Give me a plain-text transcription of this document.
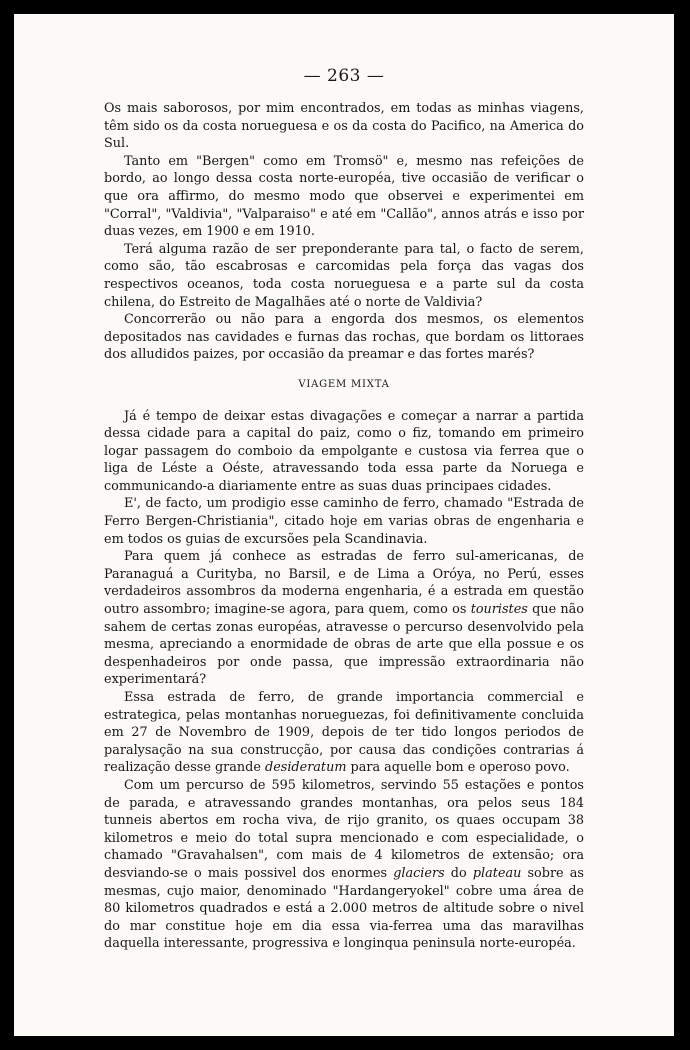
— 263 —

Os mais saborosos, por mim encontrados, em todas as minhas viagens, têm sido os da costa norueguesa e os da costa do Pacifico, na America do Sul.

Tanto em "Bergen" como em Tromsö" e, mesmo nas refeições de bordo, ao longo dessa costa norte-européa, tive occasião de verificar o que ora affirmo, do mesmo modo que observei e experimentei em "Corral", "Valdivia", "Valparaiso" e até em "Callão", annos atrás e isso por duas vezes, em 1900 e em 1910.

Terá alguma razão de ser preponderante para tal, o facto de serem, como são, tão escabrosas e carcomidas pela força das vagas dos respectivos oceanos, toda costa norueguesa e a parte sul da costa chilena, do Estreito de Magalhães até o norte de Valdivia?

Concorrerão ou não para a engorda dos mesmos, os elementos depositados nas cavidades e furnas das rochas, que bordam os littoraes dos alludidos paizes, por occasião da preamar e das fortes marés?

VIAGEM MIXTA

Já é tempo de deixar estas divagações e começar a narrar a partida dessa cidade para a capital do paiz, como o fiz, tomando em primeiro logar passagem do comboio da empolgante e custosa via ferrea que o liga de Léste a Oéste, atravessando toda essa parte da Noruega e communicando-a diariamente entre as suas duas principaes cidades.

E', de facto, um prodigio esse caminho de ferro, chamado "Estrada de Ferro Bergen-Christiania", citado hoje em varias obras de engenharia e em todos os guias de excursões pela Scandinavia.

Para quem já conhece as estradas de ferro sul-americanas, de Paranaguá a Curityba, no Barsil, e de Lima a Oróya, no Perú, esses verdadeiros assombros da moderna engenharia, é a estrada em questão outro assombro; imagine-se agora, para quem, como os touristes que não sahem de certas zonas européas, atravesse o percurso desenvolvido pela mesma, apreciando a enormidade de obras de arte que ella possue e os despenhadeiros por onde passa, que impressão extraordinaria não experimentará?

Essa estrada de ferro, de grande importancia commercial e estrategica, pelas montanhas norueguezas, foi definitivamente concluida em 27 de Novembro de 1909, depois de ter tido longos periodos de paralysação na sua construcção, por causa das condições contrarias á realização desse grande desideratum para aquelle bom e operoso povo.

Com um percurso de 595 kilometros, servindo 55 estações e pontos de parada, e atravessando grandes montanhas, ora pelos seus 184 tunneis abertos em rocha viva, de rijo granito, os quaes occupam 38 kilometros e meio do total supra mencionado e com especialidade, o chamado "Gravahalsen", com mais de 4 kilometros de extensão; ora desviando-se o mais possivel dos enormes glaciers do plateau sobre as mesmas, cujo maior, denominado "Hardangeryokel" cobre uma área de 80 kilometros quadrados e está a 2.000 metros de altitude sobre o nivel do mar constitue hoje em dia essa via-ferrea uma das maravilhas daquella interessante, progressiva e longinqua peninsula norte-européa.
